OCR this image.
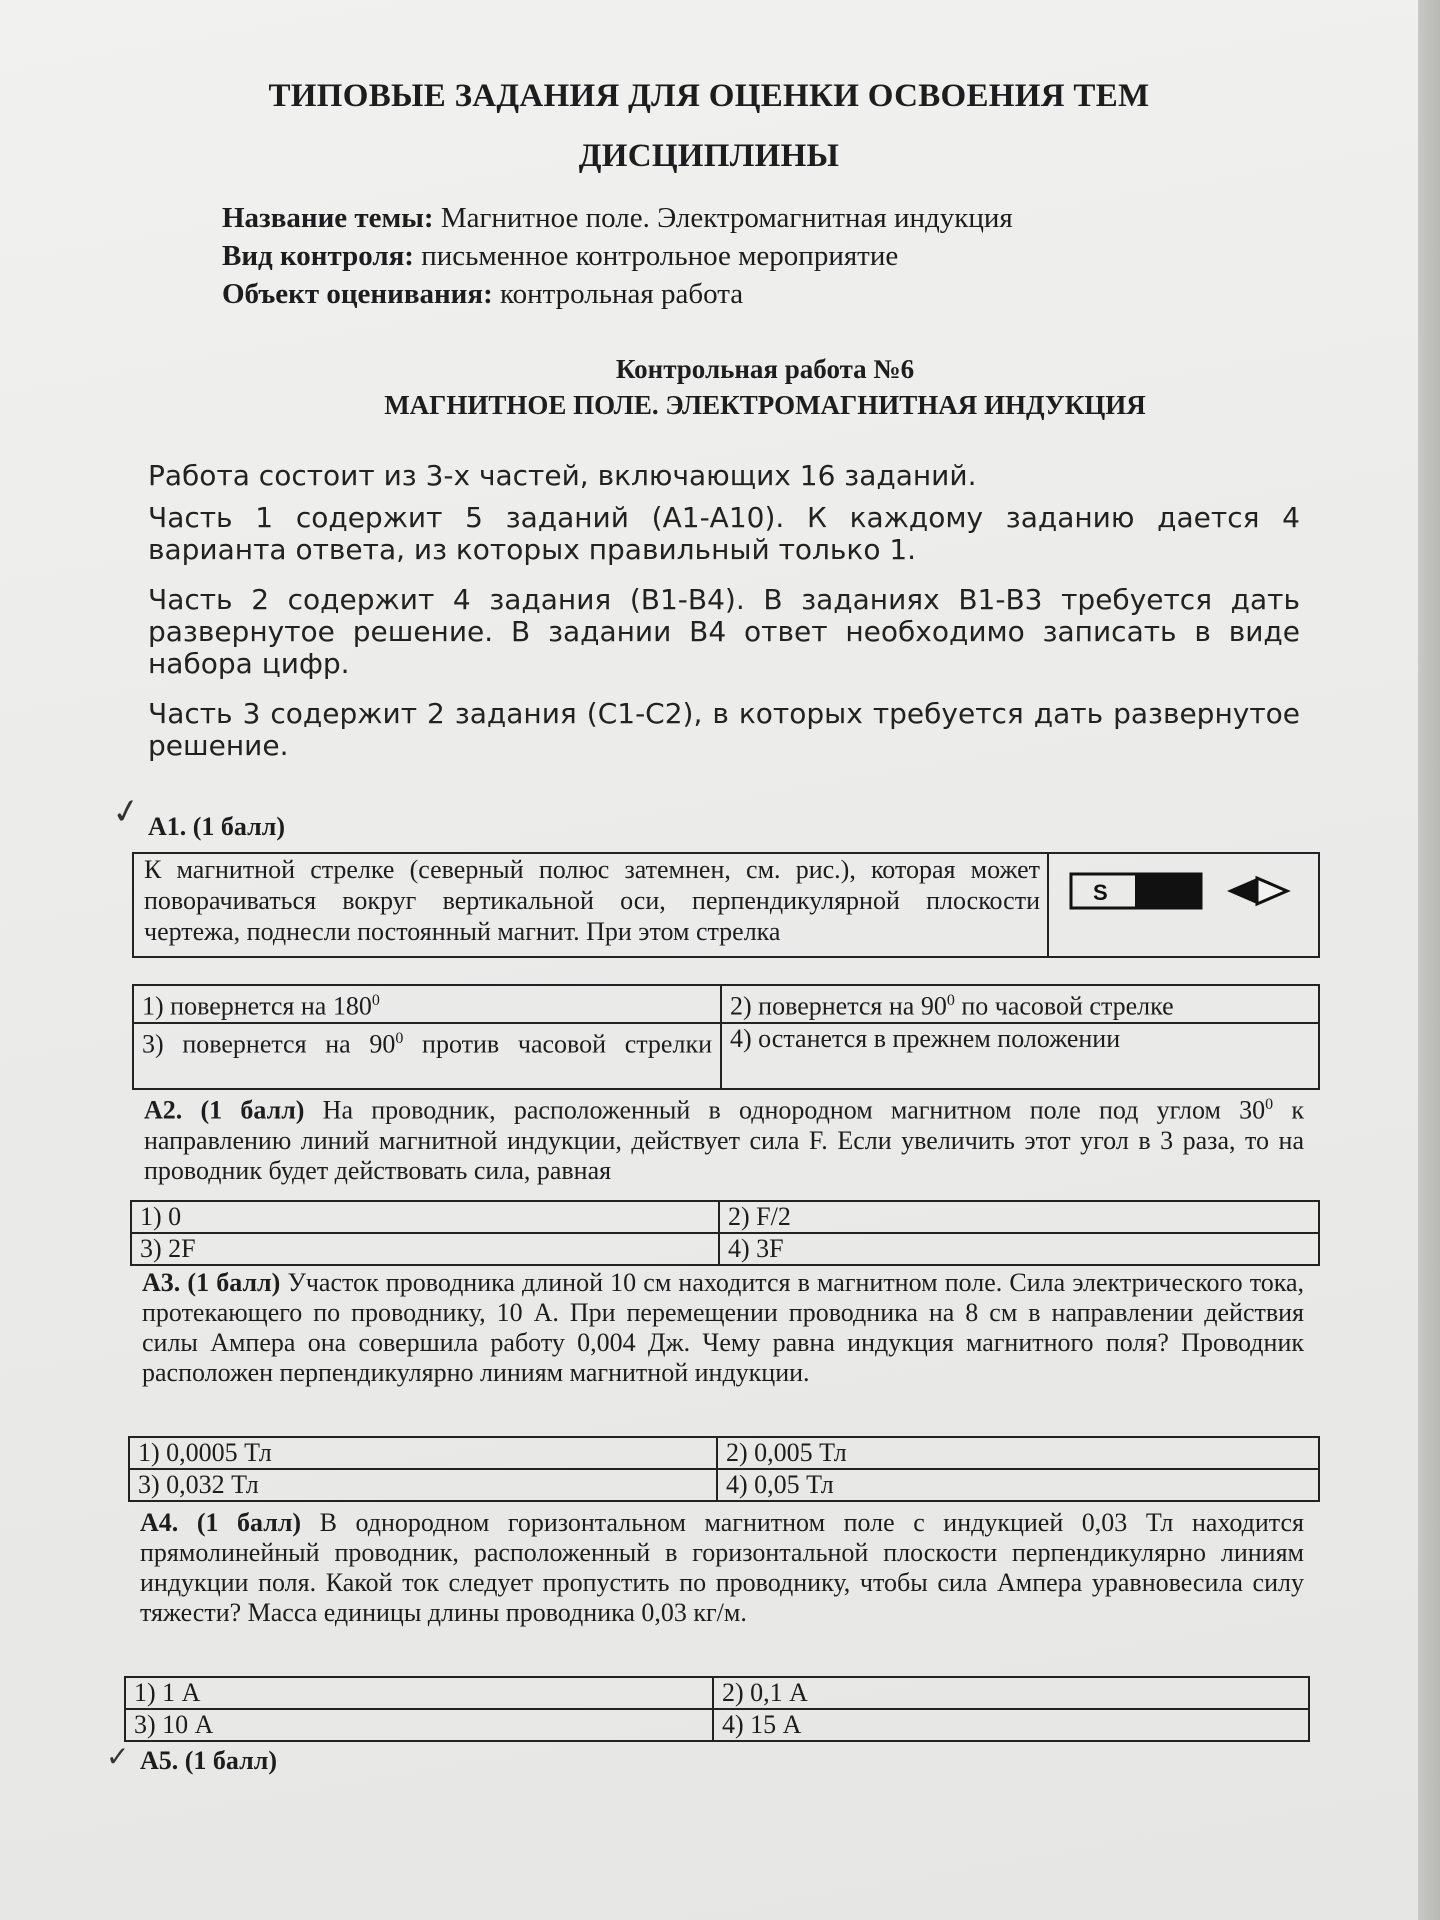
ТИПОВЫЕ ЗАДАНИЯ ДЛЯ ОЦЕНКИ ОСВОЕНИЯ ТЕМ
ДИСЦИПЛИНЫ
Название темы: Магнитное поле. Электромагнитная индукция
Вид контроля: письменное контрольное мероприятие
Объект оценивания: контрольная работа
Контрольная работа №6
МАГНИТНОЕ ПОЛЕ. ЭЛЕКТРОМАГНИТНАЯ ИНДУКЦИЯ
Работа состоит из 3-х частей, включающих 16 заданий.
Часть 1 содержит 5 заданий (А1-А10). К каждому заданию дается 4 варианта ответа, из которых правильный только 1.
Часть 2 содержит 4 задания (В1-В4). В заданиях В1-В3 требуется дать развернутое решение. В задании В4 ответ необходимо записать в виде набора цифр.
Часть 3 содержит 2 задания (С1-С2), в которых требуется дать развернутое решение.
✓ А1. (1 балл)
К магнитной стрелке (северный полюс затемнен, см. рис.), которая может поворачиваться вокруг вертикальной оси, перпендикулярной плоскости чертежа, поднесли постоянный магнит. При этом стрелка
S
1) повернется на $180^0$	2) повернется на $90^0$ по часовой стрелке
3) повернется на $90^0$ против часовой стрелки	4) останется в прежнем положении
А2. (1 балл) На проводник, расположенный в однородном магнитном поле под углом $30^0$ к направлению линий магнитной индукции, действует сила F. Если увеличить этот угол в 3 раза, то на проводник будет действовать сила, равная
1) 0	2) F/2
3) 2F	4) 3F
А3. (1 балл) Участок проводника длиной 10 см находится в магнитном поле. Сила электрического тока, протекающего по проводнику, 10 А. При перемещении проводника на 8 см в направлении действия силы Ампера она совершила работу 0,004 Дж. Чему равна индукция магнитного поля? Проводник расположен перпендикулярно линиям магнитной индукции.
1) 0,0005 Тл	2) 0,005 Тл
3) 0,032 Тл	4) 0,05 Тл
А4. (1 балл) В однородном горизонтальном магнитном поле с индукцией 0,03 Тл находится прямолинейный проводник, расположенный в горизонтальной плоскости перпендикулярно линиям индукции поля. Какой ток следует пропустить по проводнику, чтобы сила Ампера уравновесила силу тяжести? Масса единицы длины проводника 0,03 кг/м.
1) 1 А	2) 0,1 А
3) 10 А	4) 15 А
✓ А5. (1 балл)
